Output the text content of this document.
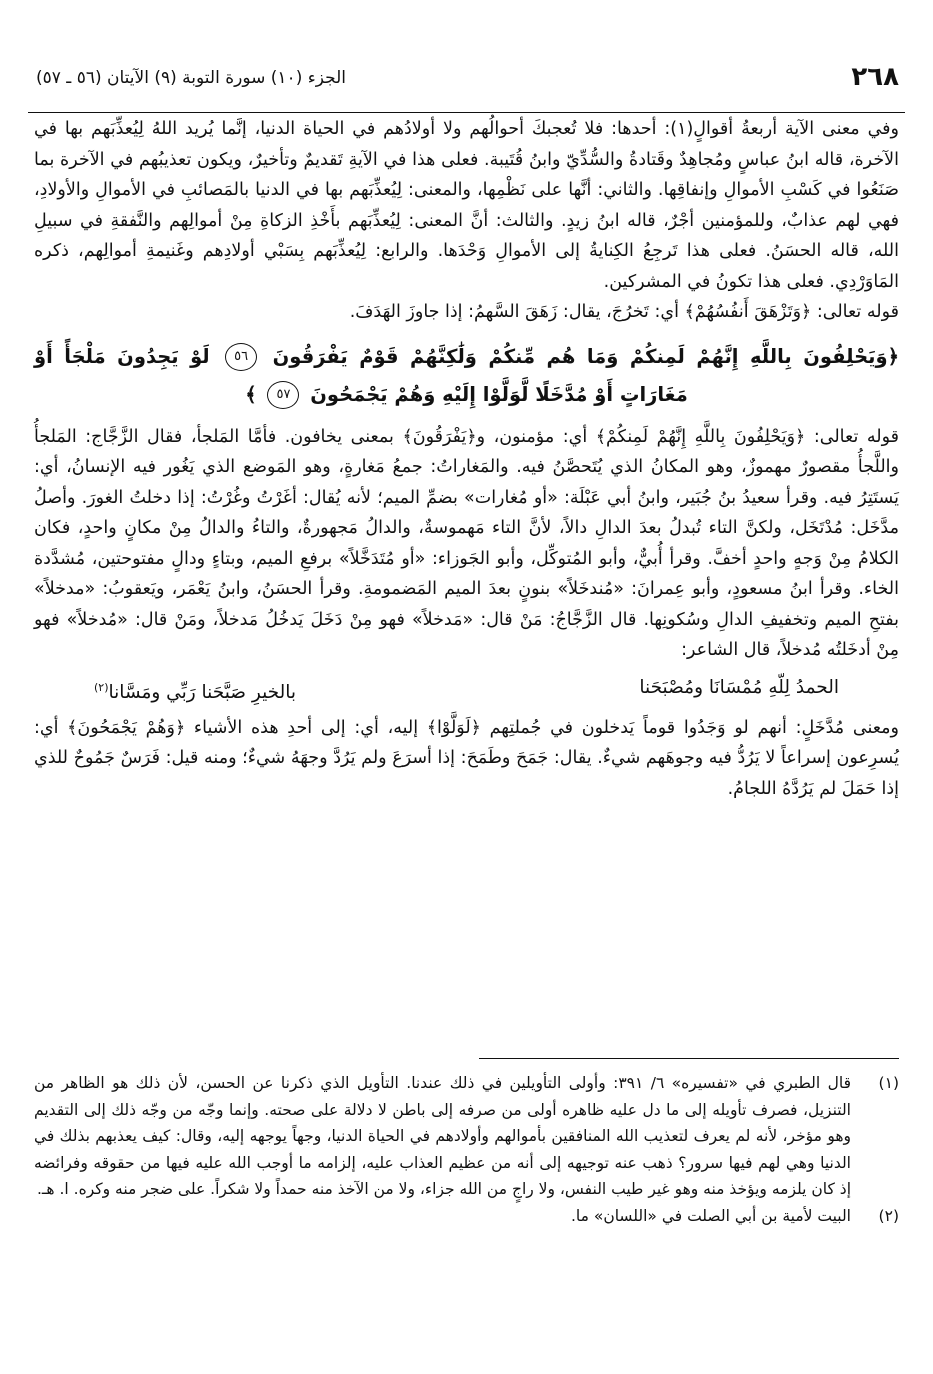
٢٦٨
الجزء (١٠) سورة التوبة (٩) الآيتان (٥٦ ـ ٥٧)

وفي معنى الآية أربعةُ أقوالٍ(١): أحدها: فلا تُعجبكَ أحوالُهم ولا أولادُهم في الحياة الدنيا، إنَّما يُريد اللهُ لِيُعذِّبَهم بها في الآخرة، قاله ابنُ عباسٍ ومُجاهِدٌ وقَتادةُ والسُّدِّيّ وابنُ قُتَيبة. فعلى هذا في الآيةِ تَقديمٌ وتأخيرٌ، ويكون تعذيبُهم في الآخرة بما صَنَعُوا في كَسْبِ الأموالِ وإنفاقِها. والثاني: أنَّها على نَظْمِها، والمعنى: لِيُعذِّبَهم بها في الدنيا بالمَصائبِ في الأموالِ والأولادِ، فهي لهم عذابٌ، وللمؤمنين أجْرٌ، قاله ابنُ زيدٍ. والثالث: أنَّ المعنى: لِيُعذِّبَهم بأَخْذِ الزكاةِ مِنْ أموالِهم والنَّفقةِ في سبيلِ الله، قاله الحسَنُ. فعلى هذا تَرجِعُ الكِنايةُ إلى الأموالِ وَحْدَها. والرابع: لِيُعذِّبَهم بِسَبْي أولادِهم وغَنيمةِ أموالِهم، ذكره المَاوَرْدِي. فعلى هذا تكونُ في المشركين.

قوله تعالى: ﴿وَتَزْهَقَ أَنفُسُهُمْ﴾ أي: تَخرُجَ، يقال: زَهَقَ السَّهمُ: إذا جاوزَ الهَدَفَ.

﴿وَيَحْلِفُونَ بِاللَّهِ إِنَّهُمْ لَمِنكُمْ وَمَا هُم مِّنكُمْ وَلَٰكِنَّهُمْ قَوْمٌ يَفْرَقُونَ ٥٦ لَوْ يَجِدُونَ مَلْجَأً أَوْ مَغَارَاتٍ أَوْ مُدَّخَلًا لَّوَلَّوْا إِلَيْهِ وَهُمْ يَجْمَحُونَ ٥٧ ﴾

قوله تعالى: ﴿وَيَحْلِفُونَ بِاللَّهِ إِنَّهُمْ لَمِنكُمْ﴾ أي: مؤمنون، و﴿يَفْرَقُونَ﴾ بمعنى يخافون. فأمَّا المَلجأ، فقال الزَّجَّاج: المَلجأُ واللَّجأُ مقصورٌ مهموزٌ، وهو المكانُ الذي يُتَحصَّنُ فيه. والمَغاراتُ: جمعُ مَغارةٍ، وهو المَوضع الذي يَغُور فيه الإنسانُ، أي: يَستَتِرُ فيه. وقرأ سعيدُ بنُ جُبَير، وابنُ أبي عَبْلَة: «أو مُغارات» بضمِّ الميم؛ لأنه يُقال: أغَرْتُ وغُرْتُ: إذا دخلتُ الغورَ. وأصلُ مدَّخَل: مُدْتَخَل، ولكنَّ التاء تُبدلُ بعدَ الدالِ دالاً، لأنَّ التاء مَهموسةٌ، والدالُ مَجهورةٌ، والتاءُ والدالُ مِنْ مكانٍ واحدٍ، فكان الكلامُ مِنْ وَجهٍ واحدٍ أخفَّ. وقرأ أُبيٌّ، وأبو المُتوكِّل، وأبو الجَوزاء: «أو مُتَدَخَّلاً» برفعِ الميم، وبتاءٍ ودالٍ مفتوحتين، مُشدَّدة الخاء. وقرأ ابنُ مسعودٍ، وأبو عِمرانَ: «مُندخَلاً» بنونٍ بعدَ الميم المَضمومةِ. وقرأ الحسَنُ، وابنُ يَعْمَر، ويَعقوبُ: «مدخلاً» بفتحِ الميم وتخفيفِ الدالِ وسُكونِها. قال الزَّجَّاجُ: مَنْ قال: «مَدخلاً» فهو مِنْ دَخَلَ يَدخُلُ مَدخلاً، ومَنْ قال: «مُدخلاً» فهو مِنْ أدخَلتُه مُدخلاً، قال الشاعر:

الحمدُ لِلّهِ مُمْسَانَا ومُصْبَحَنا
بالخيرِ صَبَّحَنا رَبِّي ومَسَّانا$^{(٢)}$

ومعنى مُدَّخَلٍ: أنهم لو وَجَدُوا قوماً يَدخلون في جُملتِهم ﴿لَوَلَّوْا﴾ إليه، أي: إلى أحدِ هذه الأشياء ﴿وَهُمْ يَجْمَحُونَ﴾ أي: يُسرِعون إسراعاً لا يَرُدُّ فيه وجوهَهم شيءٌ. يقال: جَمَحَ وطَمَحَ: إذا أسرَعَ ولم يَرُدَّ وجهَهُ شيءٌ؛ ومنه قيل: فَرَسٌ جَمُوحٌ للذي إذا حَمَلَ لم يَرُدَّهُ اللجامُ.

(١)
قال الطبري في «تفسيره» ٦/ ٣٩١: وأولى التأويلين في ذلك عندنا. التأويل الذي ذكرنا عن الحسن، لأن ذلك هو الظاهر من التنزيل، فصرف تأويله إلى ما دل عليه ظاهره أولى من صرفه إلى باطن لا دلالة على صحته. وإنما وجّه من وجّه ذلك إلى التقديم وهو مؤخر، لأنه لم يعرف لتعذيب الله المنافقين بأموالهم وأولادهم في الحياة الدنيا، وجهاً يوجهه إليه، وقال: كيف يعذبهم بذلك في الدنيا وهي لهم فيها سرور؟ ذهب عنه توجيهه إلى أنه من عظيم العذاب عليه، إلزامه ما أوجب الله عليه فيها من حقوقه وفرائضه إذ كان يلزمه ويؤخذ منه وهو غير طيب النفس، ولا راجٍ من الله جزاء، ولا من الآخذ منه حمداً ولا شكراً. على ضجر منه وكره. ا. هـ.
(٢)
البيت لأمية بن أبي الصلت في «اللسان» ما.
